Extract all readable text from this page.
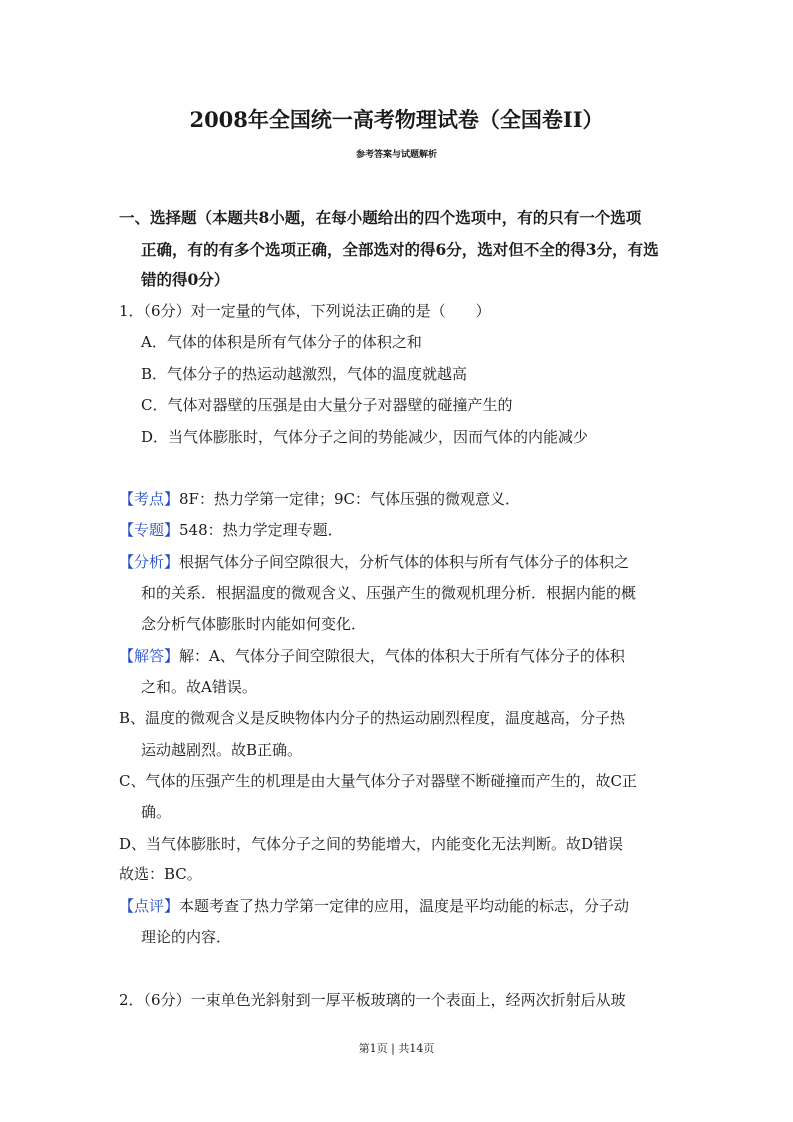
2008年全国统一高考物理试卷（全国卷II）
参考答案与试题解析
一、选择题（本题共8小题，在每小题给出的四个选项中，有的只有一个选项
正确，有的有多个选项正确，全部选对的得6分，选对但不全的得3分，有选
错的得0分）
1．（6分）对一定量的气体，下列说法正确的是（　　）
A．气体的体积是所有气体分子的体积之和
B．气体分子的热运动越激烈，气体的温度就越高
C．气体对器壁的压强是由大量分子对器壁的碰撞产生的
D．当气体膨胀时，气体分子之间的势能减少，因而气体的内能减少
【考点】8F：热力学第一定律；9C：气体压强的微观意义．
【专题】548：热力学定理专题．
【分析】根据气体分子间空隙很大，分析气体的体积与所有气体分子的体积之
和的关系．根据温度的微观含义、压强产生的微观机理分析．根据内能的概
念分析气体膨胀时内能如何变化．
【解答】解：A、气体分子间空隙很大，气体的体积大于所有气体分子的体积
之和。故A错误。
B、温度的微观含义是反映物体内分子的热运动剧烈程度，温度越高，分子热
运动越剧烈。故B正确。
C、气体的压强产生的机理是由大量气体分子对器壁不断碰撞而产生的，故C正
确。
D、当气体膨胀时，气体分子之间的势能增大，内能变化无法判断。故D错误
故选：BC。
【点评】本题考查了热力学第一定律的应用，温度是平均动能的标志，分子动
理论的内容．
2．（6分）一束单色光斜射到一厚平板玻璃的一个表面上，经两次折射后从玻
第1页 | 共14页
